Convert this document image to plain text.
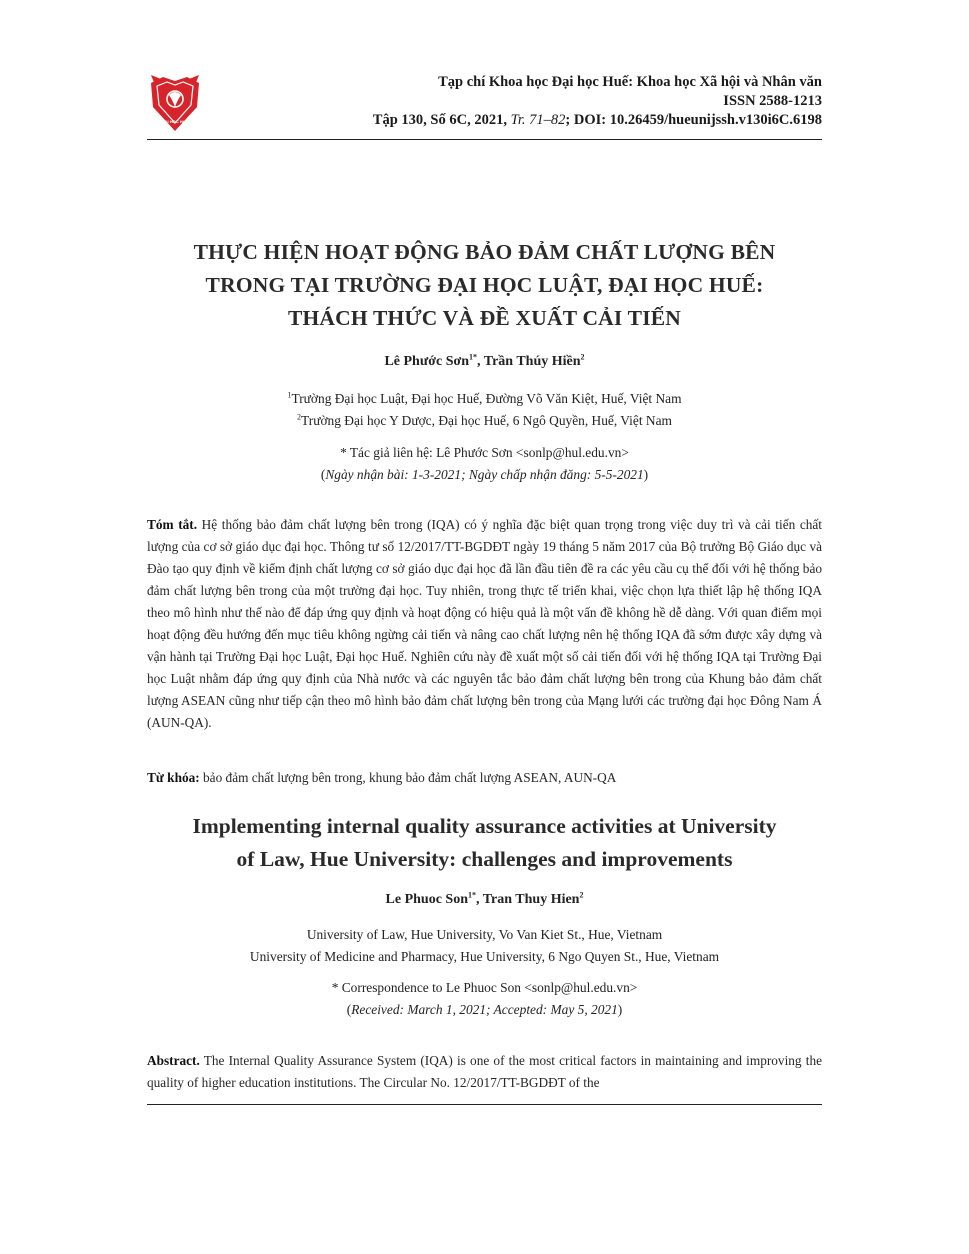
ĐẠI HỌC HUẾ
Tạp chí Khoa học Đại học Huế: Khoa học Xã hội và Nhân văn
ISSN 2588-1213
Tập 130, Số 6C, 2021, Tr. 71–82; DOI: 10.26459/hueunijssh.v130i6C.6198
THỰC HIỆN HOẠT ĐỘNG BẢO ĐẢM CHẤT LƯỢNG BÊN
TRONG TẠI TRƯỜNG ĐẠI HỌC LUẬT, ĐẠI HỌC HUẾ:
THÁCH THỨC VÀ ĐỀ XUẤT CẢI TIẾN
Lê Phước Sơn$^{1*}$, Trần Thúy Hiền$^2$
$^1$Trường Đại học Luật, Đại học Huế, Đường Võ Văn Kiệt, Huế, Việt Nam
$^2$Trường Đại học Y Dược, Đại học Huế, 6 Ngô Quyền, Huế, Việt Nam
* Tác giả liên hệ: Lê Phước Sơn <sonlp@hul.edu.vn>
(Ngày nhận bài: 1-3-2021; Ngày chấp nhận đăng: 5-5-2021)
Tóm tắt. Hệ thống bảo đảm chất lượng bên trong (IQA) có ý nghĩa đặc biệt quan trọng trong việc duy trì và cải tiến chất lượng của cơ sở giáo dục đại học. Thông tư số 12/2017/TT-BGDĐT ngày 19 tháng 5 năm 2017 của Bộ trưởng Bộ Giáo dục và Đào tạo quy định về kiểm định chất lượng cơ sở giáo dục đại học đã lần đầu tiên đề ra các yêu cầu cụ thể đối với hệ thống bảo đảm chất lượng bên trong của một trường đại học. Tuy nhiên, trong thực tế triển khai, việc chọn lựa thiết lập hệ thống IQA theo mô hình như thế nào để đáp ứng quy định và hoạt động có hiệu quả là một vấn đề không hề dễ dàng. Với quan điểm mọi hoạt động đều hướng đến mục tiêu không ngừng cải tiến và nâng cao chất lượng nên hệ thống IQA đã sớm được xây dựng và vận hành tại Trường Đại học Luật, Đại học Huế. Nghiên cứu này đề xuất một số cải tiến đối với hệ thống IQA tại Trường Đại học Luật nhằm đáp ứng quy định của Nhà nước và các nguyên tắc bảo đảm chất lượng bên trong của Khung bảo đảm chất lượng ASEAN cũng như tiếp cận theo mô hình bảo đảm chất lượng bên trong của Mạng lưới các trường đại học Đông Nam Á (AUN-QA).
Từ khóa: bảo đảm chất lượng bên trong, khung bảo đảm chất lượng ASEAN, AUN-QA
Implementing internal quality assurance activities at University
of Law, Hue University: challenges and improvements
Le Phuoc Son$^{1*}$, Tran Thuy Hien$^2$
University of Law, Hue University, Vo Van Kiet St., Hue, Vietnam
University of Medicine and Pharmacy, Hue University, 6 Ngo Quyen St., Hue, Vietnam
* Correspondence to Le Phuoc Son <sonlp@hul.edu.vn>
(Received: March 1, 2021; Accepted: May 5, 2021)
Abstract. The Internal Quality Assurance System (IQA) is one of the most critical factors in maintaining and improving the quality of higher education institutions. The Circular No. 12/2017/TT-BGDĐT of the
